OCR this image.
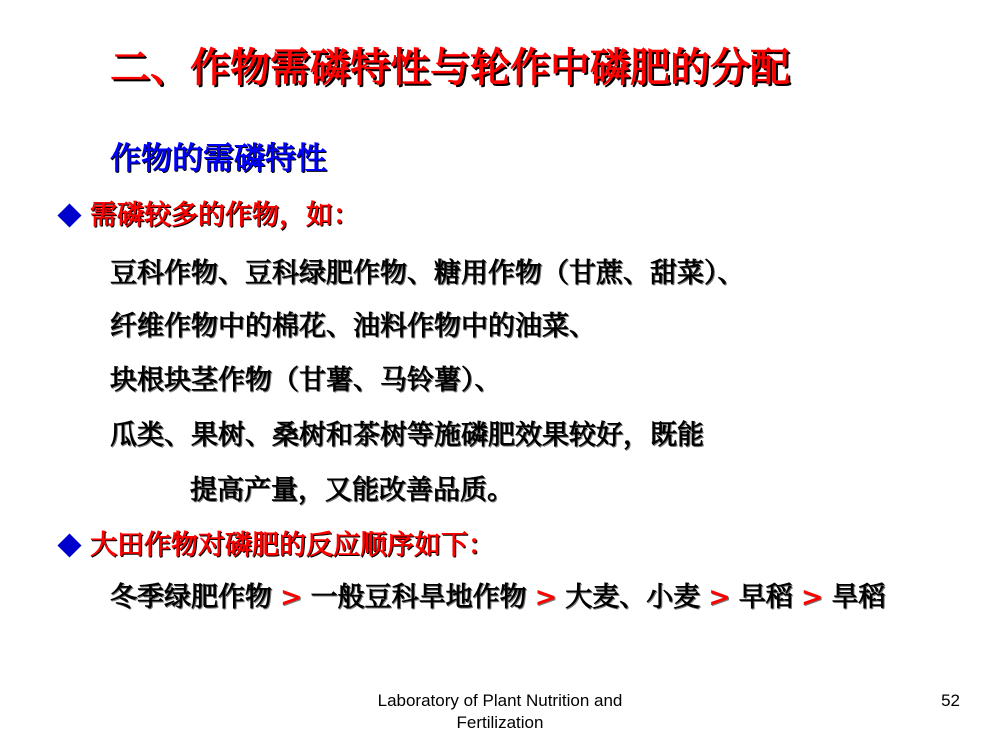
二、作物需磷特性与轮作中磷肥的分配
作物的需磷特性
需磷较多的作物，如：
豆科作物、豆科绿肥作物、糖用作物（甘蔗、甜菜）、
纤维作物中的棉花、油料作物中的油菜、
块根块茎作物（甘薯、马铃薯）、
瓜类、果树、桑树和茶树等施磷肥效果较好，既能
提高产量，又能改善品质。
大田作物对磷肥的反应顺序如下：
冬季绿肥作物 > 一般豆科旱地作物 > 大麦、小麦 > 早稻 > 旱稻
Laboratory of Plant Nutrition and Fertilization
52
